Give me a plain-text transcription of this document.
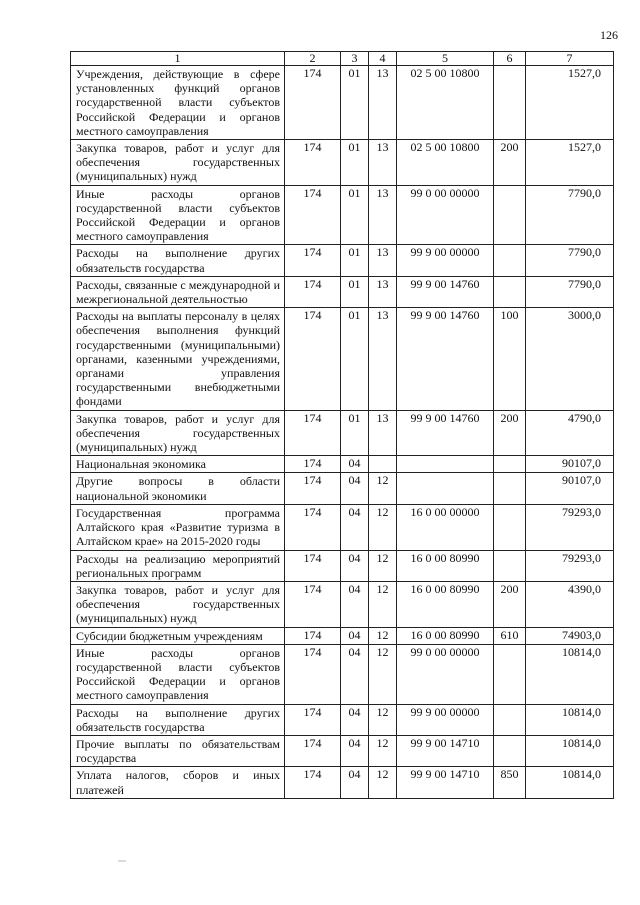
126
1	2	3	4	5	6	7
Учреждения, действующие в сфере установленных функций органов государственной власти субъектов Российской Федерации и органов местного самоуправления	174	01	13	02 5 00 10800		1527,0
Закупка товаров, работ и услуг для обеспечения государственных (муниципальных) нужд	174	01	13	02 5 00 10800	200	1527,0
Иные расходы органов государственной власти субъектов Российской Федерации и органов местного самоуправления	174	01	13	99 0 00 00000		7790,0
Расходы на выполнение других обязательств государства	174	01	13	99 9 00 00000		7790,0
Расходы, связанные с международной и межрегиональной деятельностью	174	01	13	99 9 00 14760		7790,0
Расходы на выплаты персоналу в целях обеспечения выполнения функций государственными (муниципальными) органами, казенными учреждениями, органами управления государственными внебюджетными фондами	174	01	13	99 9 00 14760	100	3000,0
Закупка товаров, работ и услуг для обеспечения государственных (муниципальных) нужд	174	01	13	99 9 00 14760	200	4790,0
Национальная экономика	174	04				90107,0
Другие вопросы в области национальной экономики	174	04	12			90107,0
Государственная программа Алтайского края «Развитие туризма в Алтайском крае» на 2015-2020 годы	174	04	12	16 0 00 00000		79293,0
Расходы на реализацию мероприятий региональных программ	174	04	12	16 0 00 80990		79293,0
Закупка товаров, работ и услуг для обеспечения государственных (муниципальных) нужд	174	04	12	16 0 00 80990	200	4390,0
Субсидии бюджетным учреждениям	174	04	12	16 0 00 80990	610	74903,0
Иные расходы органов государственной власти субъектов Российской Федерации и органов местного самоуправления	174	04	12	99 0 00 00000		10814,0
Расходы на выполнение других обязательств государства	174	04	12	99 9 00 00000		10814,0
Прочие выплаты по обязательствам государства	174	04	12	99 9 00 14710		10814,0
Уплата налогов, сборов и иных платежей	174	04	12	99 9 00 14710	850	10814,0
